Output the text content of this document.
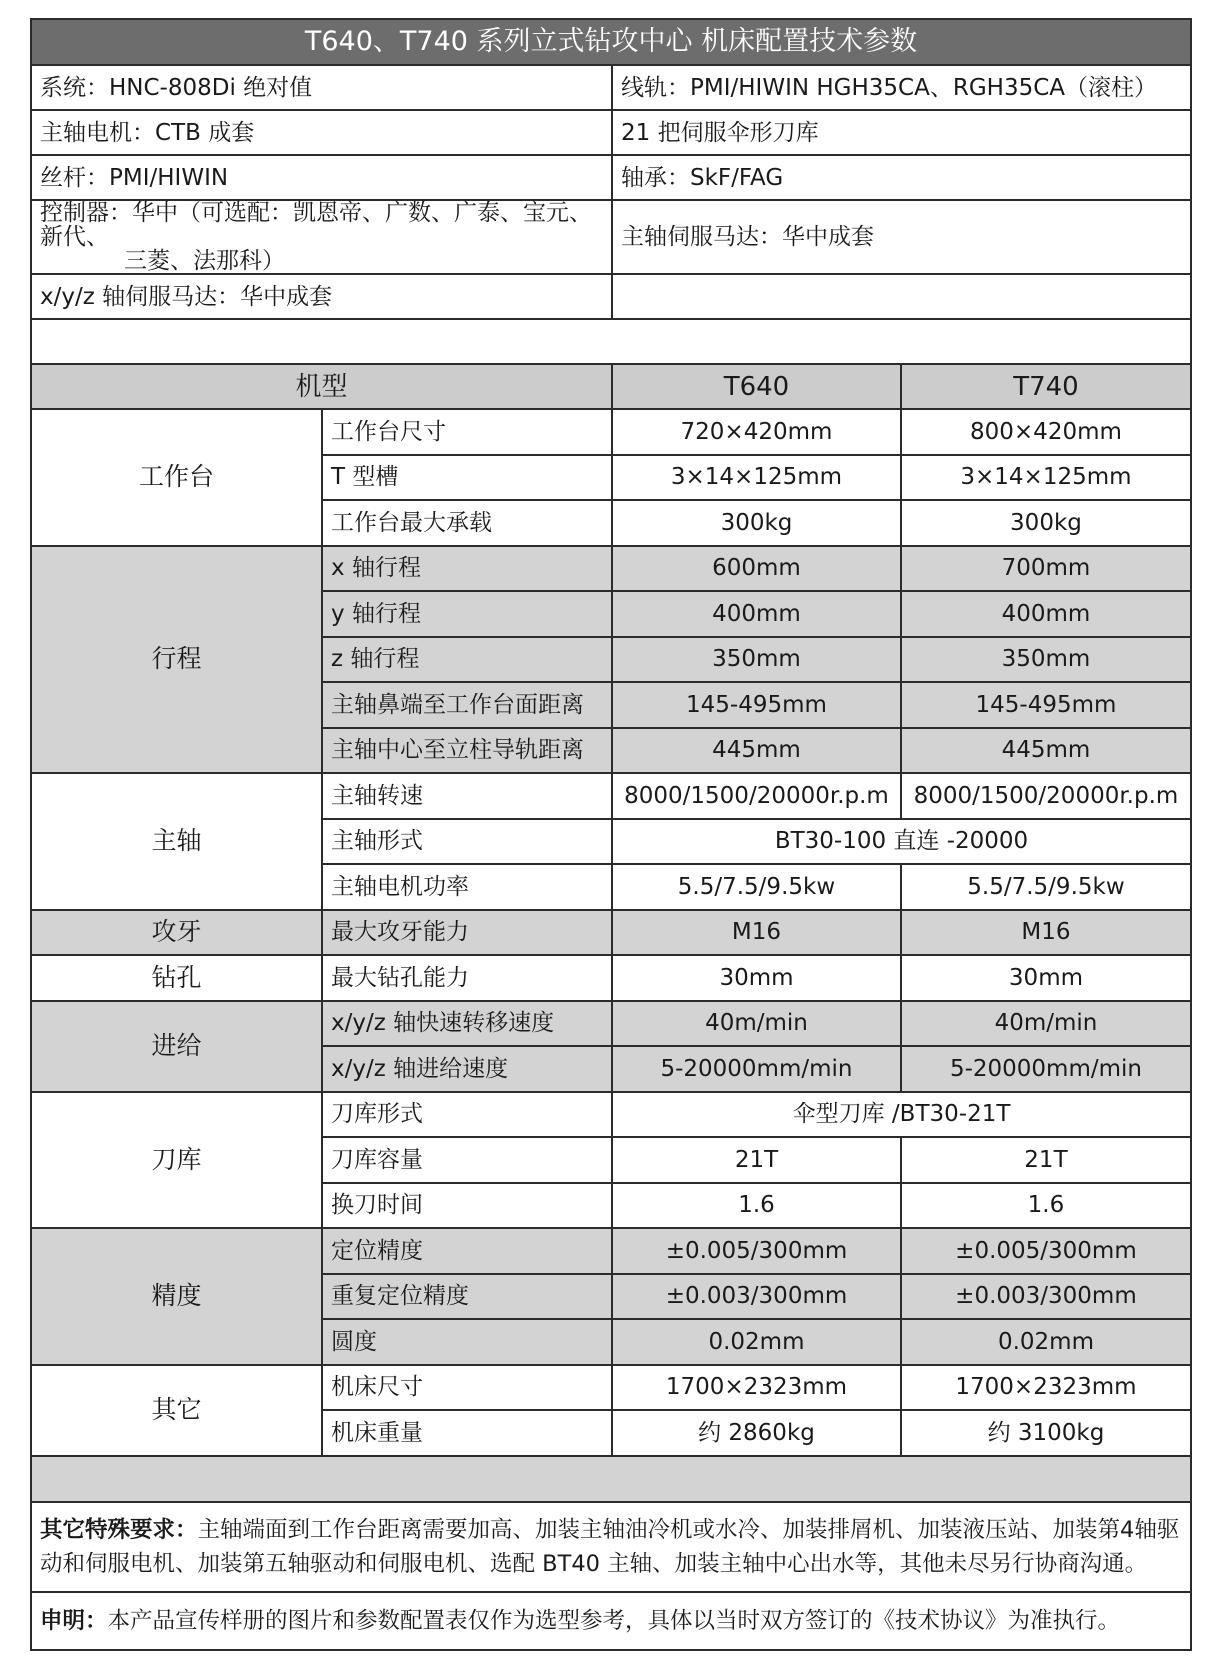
T640、T740 系列立式钻攻中心 机床配置技术参数			
系统：HNC-808Di 绝对值		线轨：PMI/HIWIN HGH35CA、RGH35CA（滚柱）	
主轴电机：CTB 成套		21 把伺服伞形刀库	
丝杆：PMI/HIWIN		轴承：SkF/FAG	

控制器：华中（可选配：凯恩帝、广数、广泰、宝元、新代、
三菱、法那科）		主轴伺服马达：华中成套	
x/y/z 轴伺服马达：华中成套			

机型		T640	T740
工作台	工作台尺寸	720×420mm	800×420mm
	T 型槽	3×14×125mm	3×14×125mm
	工作台最大承载	300kg	300kg
行程	x 轴行程	600mm	700mm
	y 轴行程	400mm	400mm
	z 轴行程	350mm	350mm
	主轴鼻端至工作台面距离	145-495mm	145-495mm
	主轴中心至立柱导轨距离	445mm	445mm
主轴	主轴转速	8000/1500/20000r.p.m	8000/1500/20000r.p.m
	主轴形式	BT30-100 直连 -20000	
	主轴电机功率	5.5/7.5/9.5kw	5.5/7.5/9.5kw
攻牙	最大攻牙能力	M16	M16
钻孔	最大钻孔能力	30mm	30mm
进给	x/y/z 轴快速转移速度	40m/min	40m/min
	x/y/z 轴进给速度	5-20000mm/min	5-20000mm/min
刀库	刀库形式	伞型刀库 /BT30-21T	
	刀库容量	21T	21T
	换刀时间	1.6	1.6
精度	定位精度	±0.005/300mm	±0.005/300mm
	重复定位精度	±0.003/300mm	±0.003/300mm
	圆度	0.02mm	0.02mm
其它	机床尺寸	1700×2323mm	1700×2323mm
	机床重量	约 2860kg	约 3100kg

其它特殊要求：主轴端面到工作台距离需要加高、加装主轴油冷机或水冷、加装排屑机、加装液压站、加装第4轴驱动和伺服电机、加装第五轴驱动和伺服电机、选配 BT40 主轴、加装主轴中心出水等，其他未尽另行协商沟通。			
申明：本产品宣传样册的图片和参数配置表仅作为选型参考，具体以当时双方签订的《技术协议》为准执行。			
